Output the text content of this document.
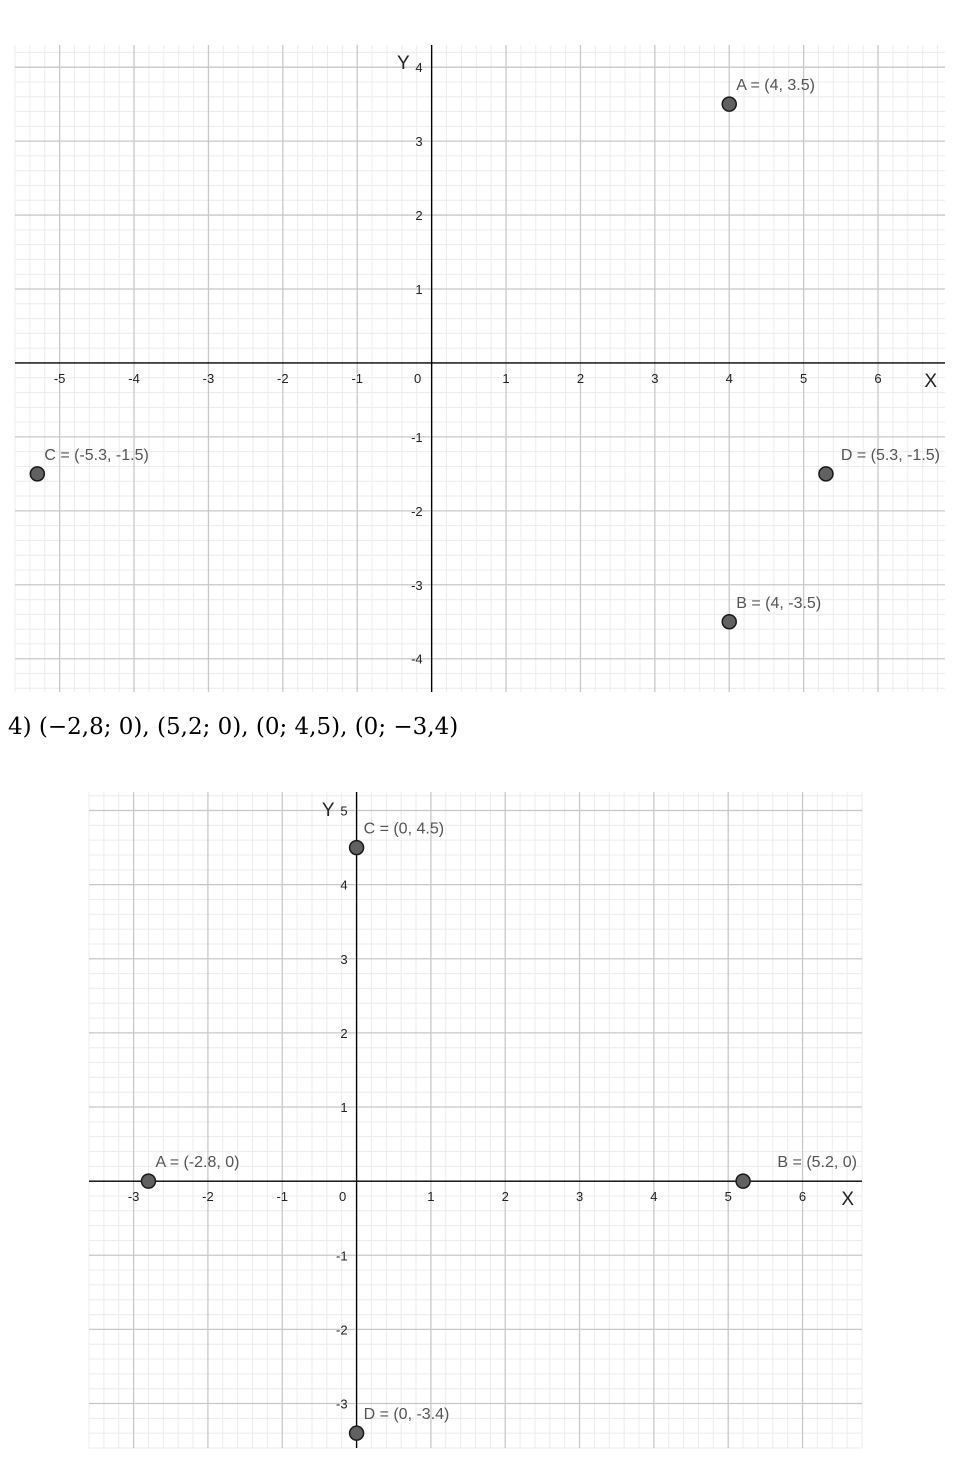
-5	-4	-3	-2	-1	0	1	2	3	4	5	6
-4
-3
-2
-1
1
2
3
4
X
Y
A = (4, 3.5)
B = (4, -3.5)
C = (-5.3, -1.5)	D = (5.3, -1.5)
4) (−2,8; 0), (5,2; 0), (0; 4,5), (0; −3,4)
-3	-2	-1	0	1	2	3	4	5	6
-3
-2
-1
1
2
3
4
5
X
Y
A = (-2.8, 0)	B = (5.2, 0)
C = (0, 4.5)
D = (0, -3.4)
